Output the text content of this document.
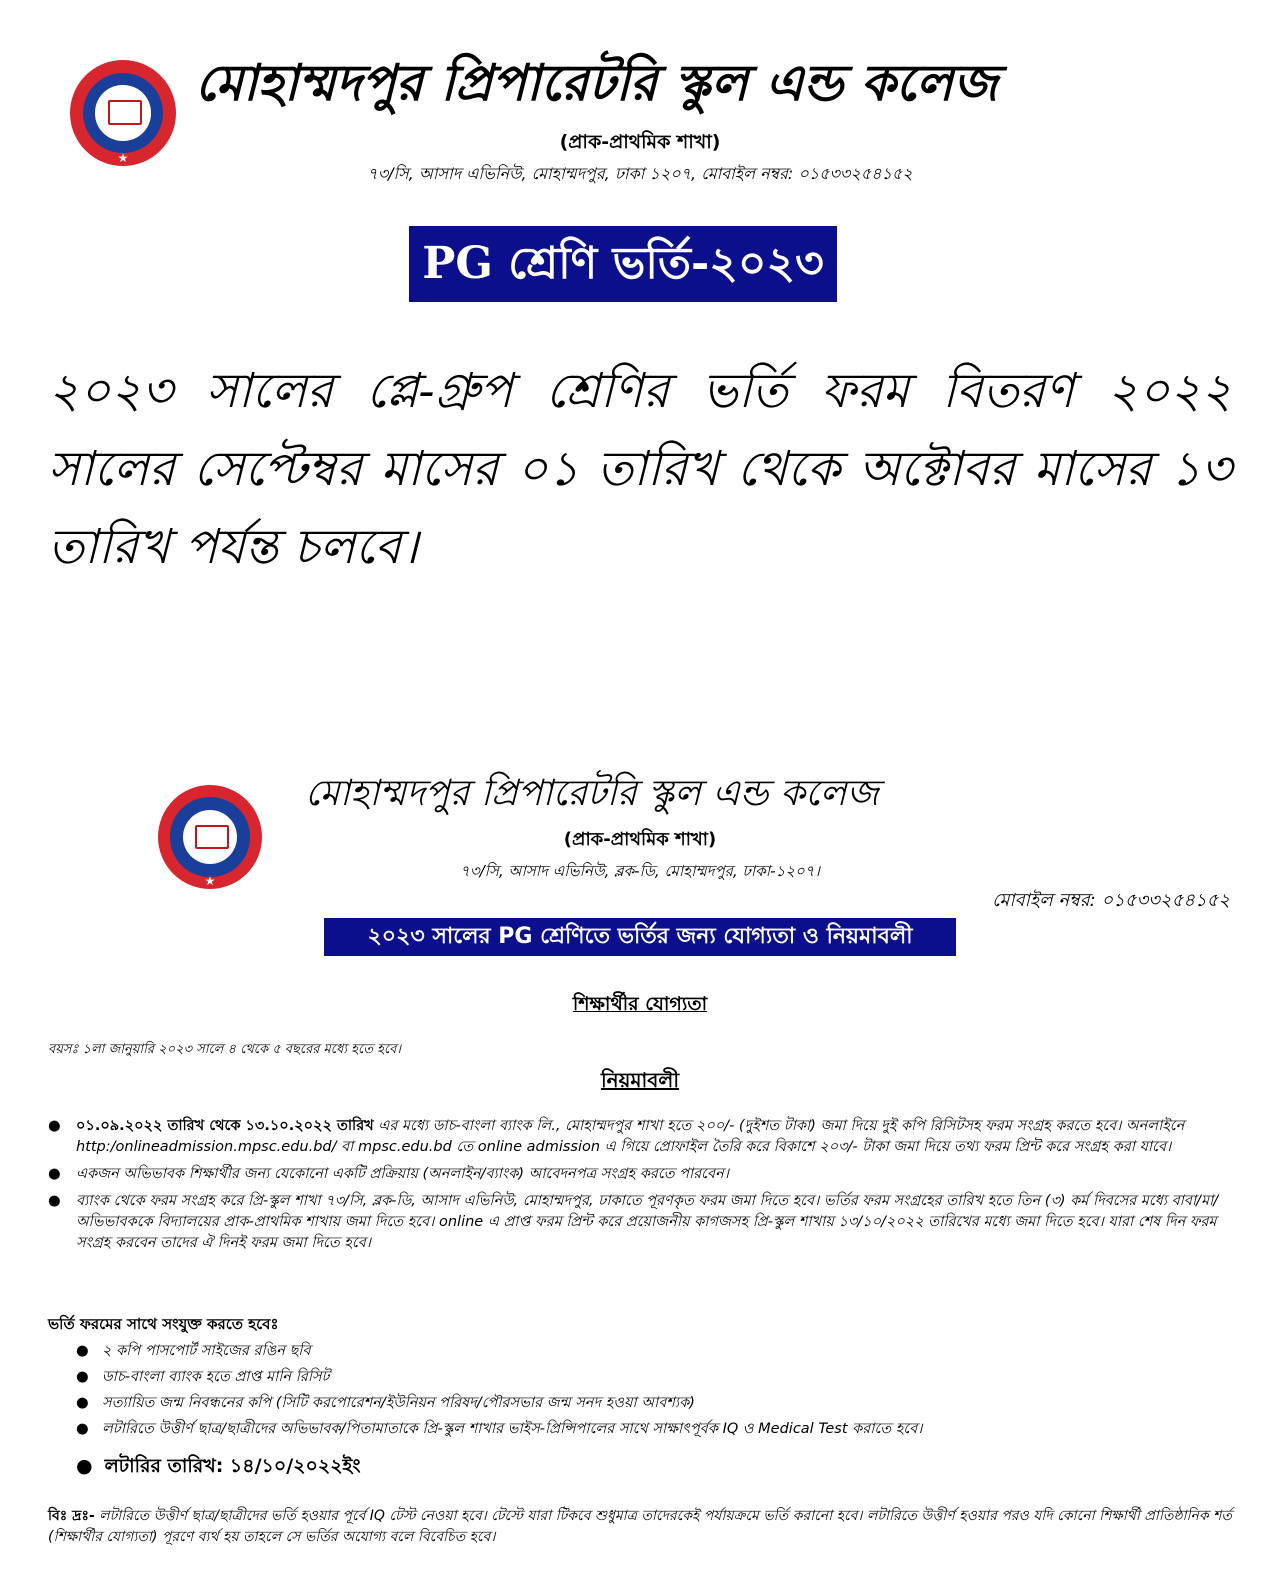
★
মোহাম্মদপুর প্রিপারেটরি স্কুল এন্ড কলেজ
(প্রাক-প্রাথমিক শাখা)
৭৩/সি, আসাদ এভিনিউ, মোহাম্মদপুর, ঢাকা ১২০৭, মোবাইল নম্বর: ০১৫৩৩২৫৪১৫২
PG শ্রেণি ভর্তি-২০২৩
২০২৩ সালের প্লে-গ্রুপ শ্রেণির ভর্তি ফরম বিতরণ ২০২২ সালের সেপ্টেম্বর মাসের ০১ তারিখ থেকে অক্টোবর মাসের ১৩ তারিখ পর্যন্ত চলবে।
★
মোহাম্মদপুর প্রিপারেটরি স্কুল এন্ড কলেজ
(প্রাক-প্রাথমিক শাখা)
৭৩/সি, আসাদ এভিনিউ, ব্লক-ডি, মোহাম্মদপুর, ঢাকা-১২০৭।
মোবাইল নম্বর: ০১৫৩৩২৫৪১৫২
২০২৩ সালের PG শ্রেণিতে ভর্তির জন্য যোগ্যতা ও নিয়মাবলী
শিক্ষার্থীর যোগ্যতা
বয়সঃ ১লা জানুয়ারি ২০২৩ সালে ৪ থেকে ৫ বছরের মধ্যে হতে হবে।
নিয়মাবলী
● ০১.০৯.২০২২ তারিখ থেকে ১৩.১০.২০২২ তারিখ এর মধ্যে ডাচ-বাংলা ব্যাংক লি., মোহাম্মদপুর শাখা হতে ২০০/- (দুইশত টাকা) জমা দিয়ে দুই কপি রিসিটসহ ফরম সংগ্রহ করতে হবে। অনলাইনে http:/onlineadmission.mpsc.edu.bd/ বা mpsc.edu.bd তে online admission এ গিয়ে প্রোফাইল তৈরি করে বিকাশে ২০৩/- টাকা জমা দিয়ে তথ্য ফরম প্রিন্ট করে সংগ্রহ করা যাবে।
● একজন অভিভাবক শিক্ষার্থীর জন্য যেকোনো একটি প্রক্রিয়ায় (অনলাইন/ব্যাংক) আবেদনপত্র সংগ্রহ করতে পারবেন।
● ব্যাংক থেকে ফরম সংগ্রহ করে প্রি-স্কুল শাখা ৭৩/সি, ব্লক-ডি, আসাদ এভিনিউ, মোহাম্মদপুর, ঢাকাতে পূরণকৃত ফরম জমা দিতে হবে। ভর্তির ফরম সংগ্রহের তারিখ হতে তিন (৩) কর্ম দিবসের মধ্যে বাবা/মা/অভিভাবককে বিদ্যালয়ের প্রাক-প্রাথমিক শাখায় জমা দিতে হবে। online এ প্রাপ্ত ফরম প্রিন্ট করে প্রয়োজনীয় কাগজসহ প্রি-স্কুল শাখায় ১৩/১০/২০২২ তারিখের মধ্যে জমা দিতে হবে। যারা শেষ দিন ফরম সংগ্রহ করবেন তাদের ঐ দিনই ফরম জমা দিতে হবে।
ভর্তি ফরমের সাথে সংযুক্ত করতে হবেঃ
● ২ কপি পাসপোর্ট সাইজের রঙিন ছবি
● ডাচ-বাংলা ব্যাংক হতে প্রাপ্ত মানি রিসিট
● সত্যায়িত জন্ম নিবন্ধনের কপি (সিটি করপোরেশন/ইউনিয়ন পরিষদ/পৌরসভার জন্ম সনদ হওয়া আবশ্যক)
● লটারিতে উত্তীর্ণ ছাত্র/ছাত্রীদের অভিভাবক/পিতামাতাকে প্রি-স্কুল শাখার ভাইস-প্রিন্সিপালের সাথে সাক্ষাৎপূর্বক IQ ও Medical Test করাতে হবে।
● লটারির তারিখ: ১৪/১০/২০২২ইং
বিঃ দ্রঃ- লটারিতে উত্তীর্ণ ছাত্র/ছাত্রীদের ভর্তি হওয়ার পূর্বে IQ টেস্ট নেওয়া হবে। টেস্টে যারা টিকবে শুধুমাত্র তাদেরকেই পর্যায়ক্রমে ভর্তি করানো হবে। লটারিতে উত্তীর্ণ হওয়ার পরও যদি কোনো শিক্ষার্থী প্রাতিষ্ঠানিক শর্ত (শিক্ষার্থীর যোগ্যতা) পূরণে ব্যর্থ হয় তাহলে সে ভর্তির অযোগ্য বলে বিবেচিত হবে।
